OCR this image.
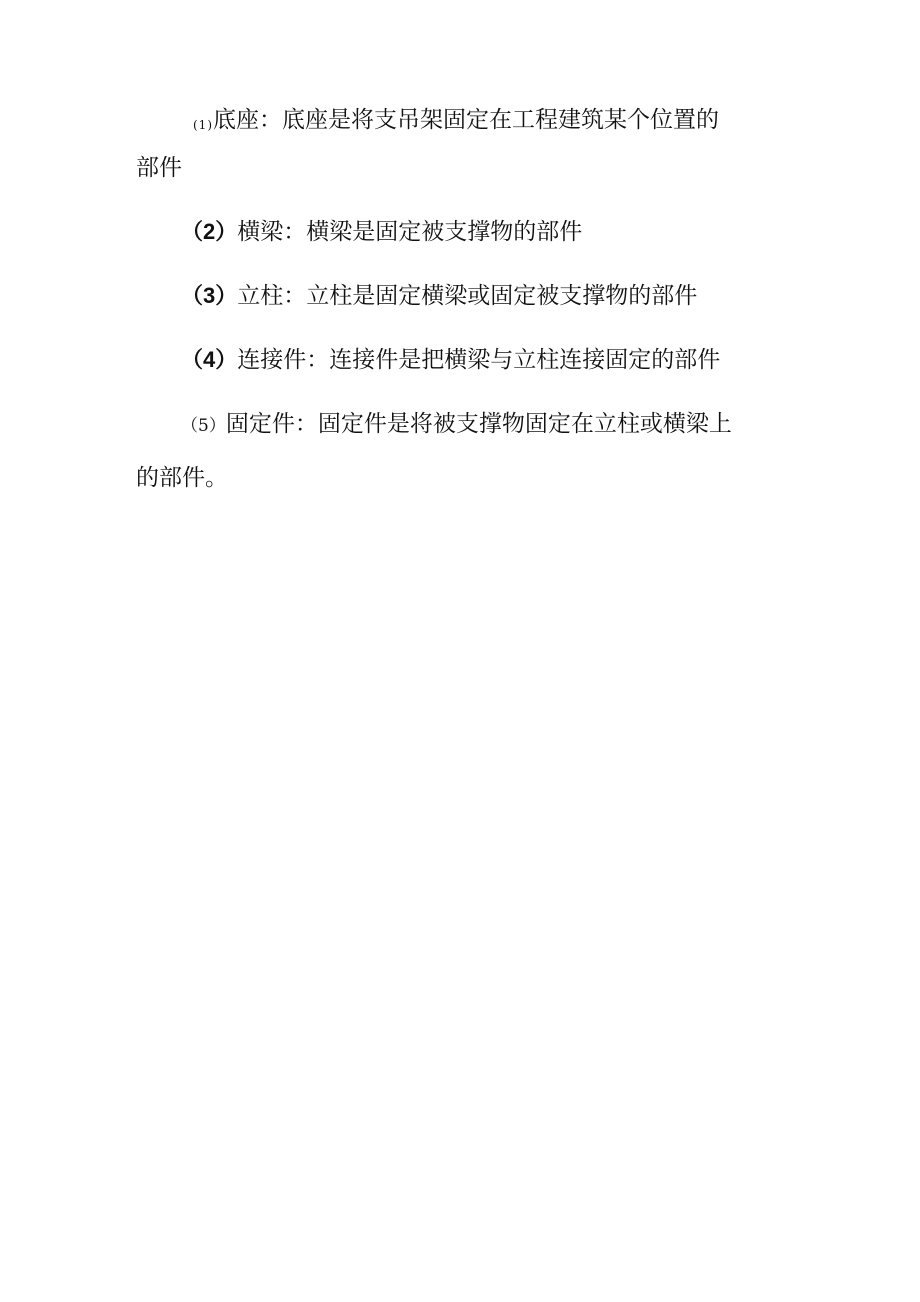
(1)底座：底座是将支吊架固定在工程建筑某个位置的
部件
（2）横梁：横梁是固定被支撑物的部件
（3）立柱：立柱是固定横梁或固定被支撑物的部件
（4）连接件：连接件是把横梁与立柱连接固定的部件
（5）固定件：固定件是将被支撑物固定在立柱或横梁上
的部件。
